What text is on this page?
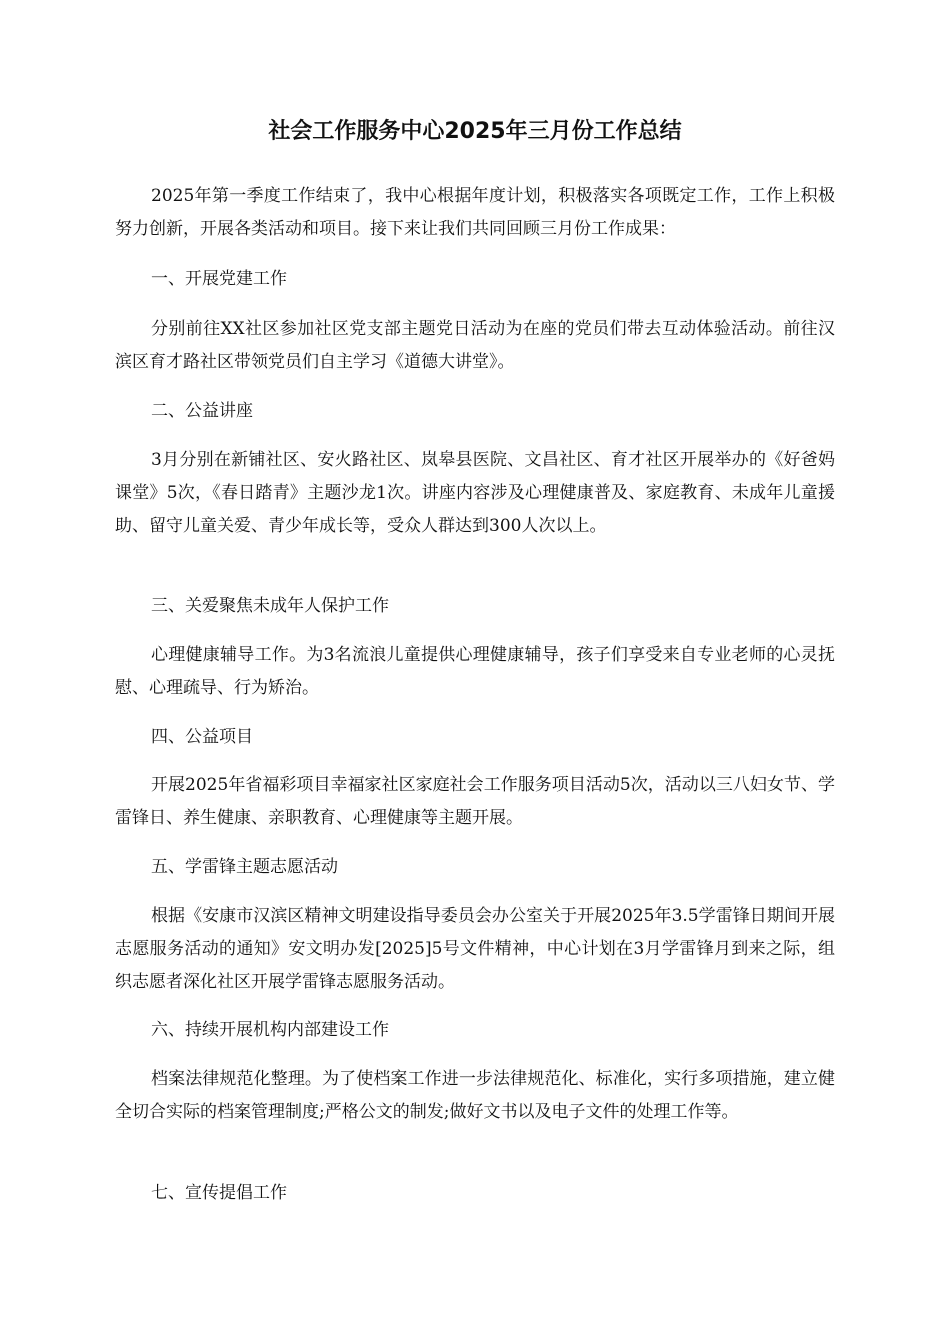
社会工作服务中心2025年三月份工作总结

2025年第一季度工作结束了，我中心根据年度计划，积极落实各项既定工作，工作上积极努力创新，开展各类活动和项目。接下来让我们共同回顾三月份工作成果：

一、开展党建工作

分别前往XX社区参加社区党支部主题党日活动为在座的党员们带去互动体验活动。前往汉滨区育才路社区带领党员们自主学习《道德大讲堂》。

二、公益讲座

3月分别在新铺社区、安火路社区、岚皋县医院、文昌社区、育才社区开展举办的《好爸妈课堂》5次，《春日踏青》主题沙龙1次。讲座内容涉及心理健康普及、家庭教育、未成年儿童援助、留守儿童关爱、青少年成长等，受众人群达到300人次以上。

三、关爱聚焦未成年人保护工作

心理健康辅导工作。为3名流浪儿童提供心理健康辅导，孩子们享受来自专业老师的心灵抚慰、心理疏导、行为矫治。

四、公益项目

开展2025年省福彩项目幸福家社区家庭社会工作服务项目活动5次，活动以三八妇女节、学雷锋日、养生健康、亲职教育、心理健康等主题开展。

五、学雷锋主题志愿活动

根据《安康市汉滨区精神文明建设指导委员会办公室关于开展2025年3.5学雷锋日期间开展志愿服务活动的通知》安文明办发[2025]5号文件精神，中心计划在3月学雷锋月到来之际，组织志愿者深化社区开展学雷锋志愿服务活动。

六、持续开展机构内部建设工作

档案法律规范化整理。为了使档案工作进一步法律规范化、标准化，实行多项措施，建立健全切合实际的档案管理制度;严格公文的制发;做好文书以及电子文件的处理工作等。

七、宣传提倡工作
